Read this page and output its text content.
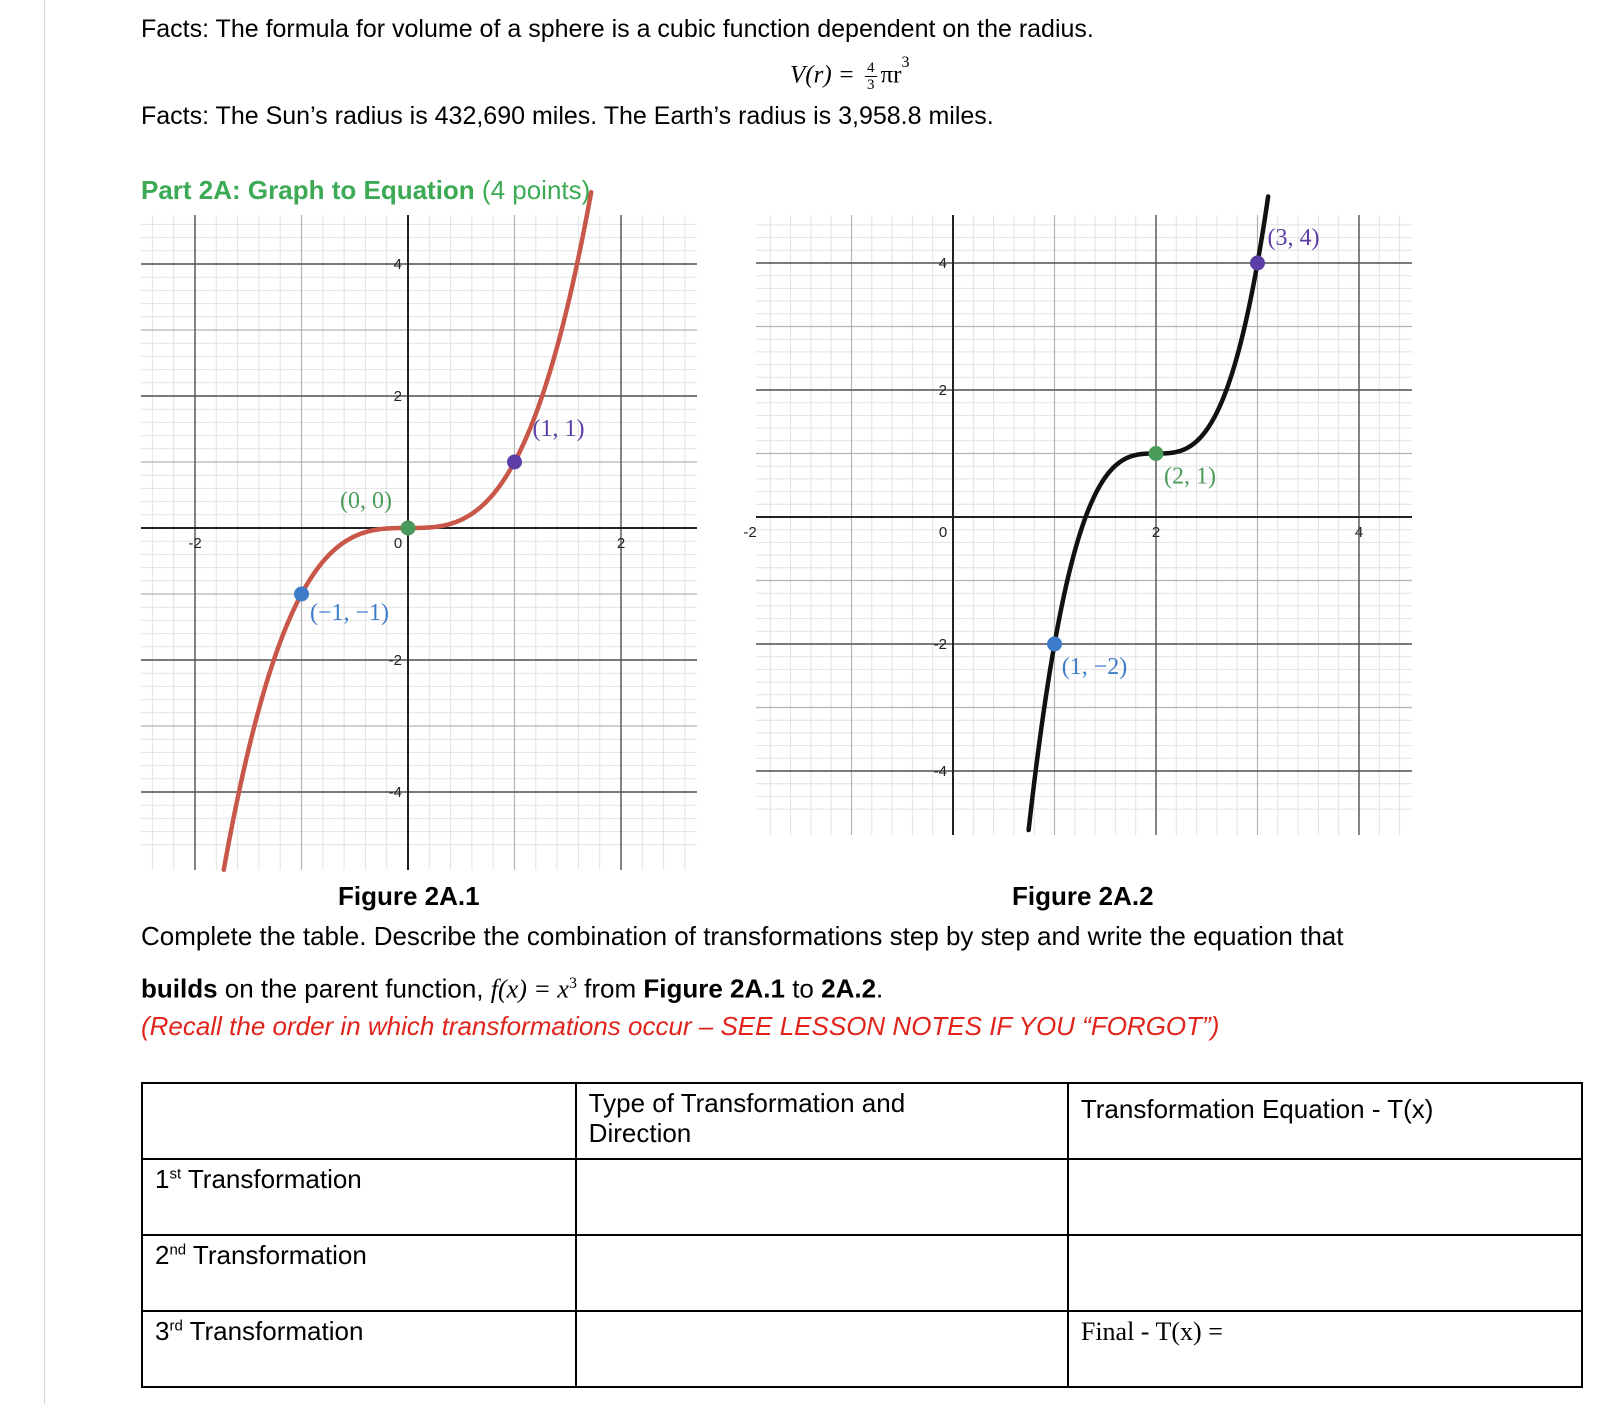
Facts: The formula for volume of a sphere is a cubic function dependent on the radius.
$V(r) = \frac{4}{3} \pi r^3$
Facts: The Sun’s radius is 432,690 miles. The Earth’s radius is 3,958.8 miles.
Part 2A: Graph to Equation (4 points)
-2	0	2
4
2
-2
-4
(0, 0)
(1, 1)
(−1, −1)
-2	0	2	4
4
2
-2
-4
(2, 1)
(3, 4)
(1, −2)
Figure 2A.1	Figure 2A.2
Complete the table. Describe the combination of transformations step by step and write the equation that
builds on the parent function, $f(x) = x^3$ from Figure 2A.1 to 2A.2.
(Recall the order in which transformations occur – SEE LESSON NOTES IF YOU “FORGOT”)

	Type of Transformation and Direction	Transformation Equation - T(x)

1st Transformation		
2nd Transformation		
3rd Transformation		Final - T(x) =
